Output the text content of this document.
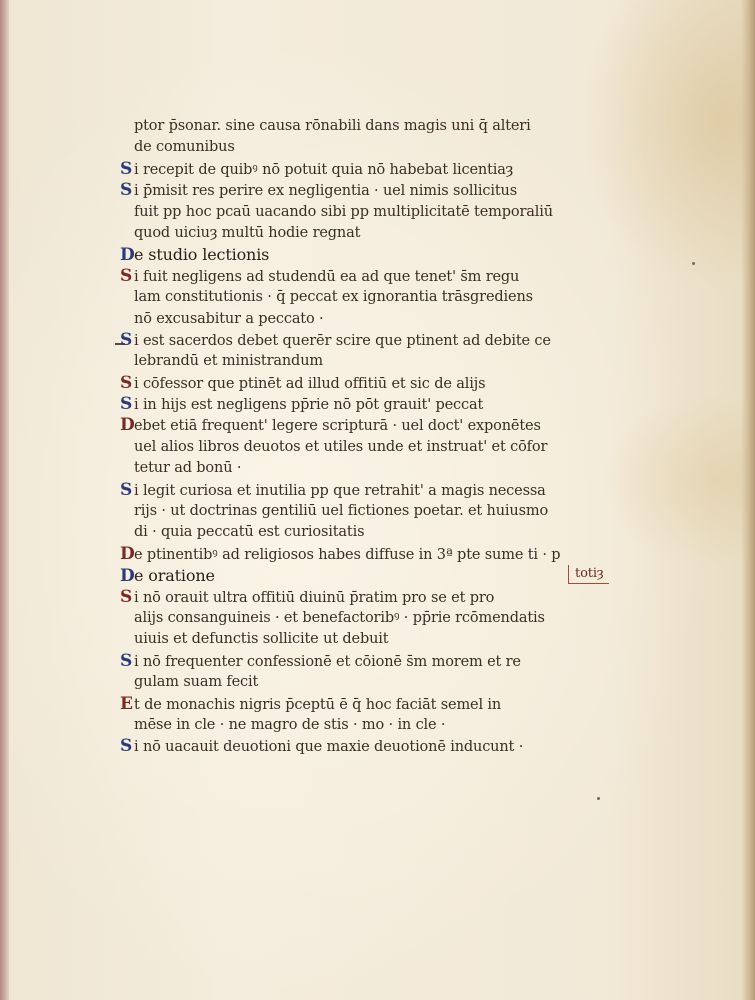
ptor p̄sonar. sine causa rōnabili dans magis uni q̄ alteri
de comunibus
S i recepit de quibꝰ nō potuit quia nō habebat licentiaȝ
S i p̄misit res perire ex negligentia · uel nimis sollicitus
fuit pp hoc pcaū uacando sibi pp multiplicitatē temporaliū
quod uiciuȝ multū hodie regnat
De studio lectionis
S i fuit negligens ad studendū ea ad que tenet' s̄m regu
lam constitutionis · q̄ peccat ex ignorantia trāsgrediens
nō excusabitur a peccato ·
S i est sacerdos debet querēr scire que ptinent ad debite ce
lebrandū et ministrandum
S i cōfessor que ptinēt ad illud offitiū et sic de alijs
S i in hijs est negligens pp̄rie nō pōt grauit' peccat
Debet etiā frequent' legere scripturā · uel doct' exponētes
uel alios libros deuotos et utiles unde et instruat' et cōfor
tetur ad bonū ·
S i legit curiosa et inutilia pp que retrahit' a magis necessa
rijs · ut doctrinas gentiliū uel fictiones poetar. et huiusmo
di · quia peccatū est curiositatis
De ptinentibꝰ ad religiosos habes diffuse in 3ª pte sume ti · p
De oratione	totiȝ
S i nō orauit ultra offitiū diuinū p̄ratim pro se et pro
alijs consanguineis · et benefactoribꝰ · pp̄rie rcōmendatis
uiuis et defunctis sollicite ut debuit
S i nō frequenter confessionē et cōionē s̄m morem et re
gulam suam fecit
Et de monachis nigris p̄ceptū ē q̄ hoc faciāt semel in
mēse in cle · ne magro de stis · mo · in cle ·
S i nō uacauit deuotioni que maxie deuotionē inducunt ·
